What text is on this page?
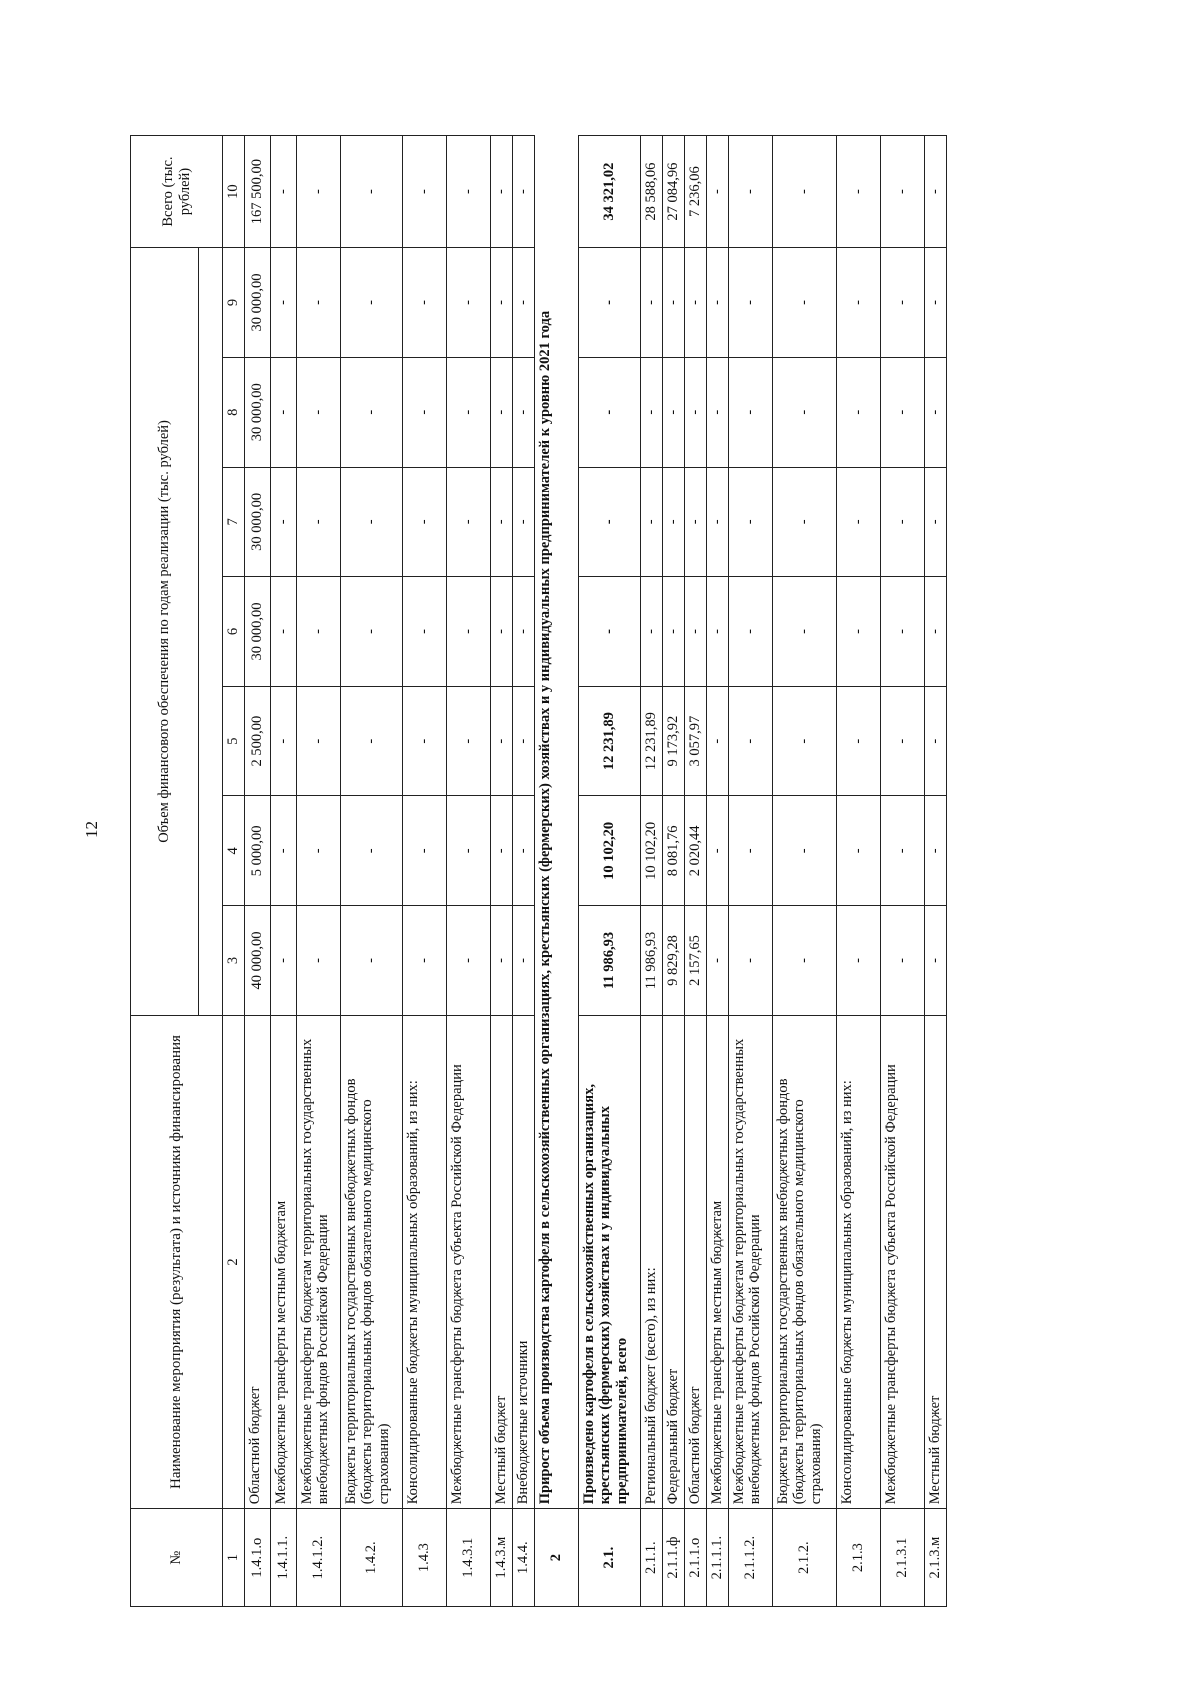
12
№	Наименование мероприятия (результата) и источники финансирования	Объем финансового обеспечения по годам реализации (тыс. рублей)							Всего (тыс. рублей)

1	2	3	4	5	6	7	8	9	10
1.4.1.о	Областной бюджет	40 000,00	5 000,00	2 500,00	30 000,00	30 000,00	30 000,00	30 000,00	167 500,00
1.4.1.1.	Межбюджетные трансферты местным бюджетам	-	-	-	-	-	-	-	-
1.4.1.2.	Межбюджетные трансферты бюджетам территориальных государственных внебюджетных фондов Российской Федерации	-	-	-	-	-	-	-	-
1.4.2.	Бюджеты территориальных государственных внебюджетных фондов (бюджеты территориальных фондов обязательного медицинского страхования)	-	-	-	-	-	-	-	-
1.4.3	Консолидированные бюджеты муниципальных образований, из них:	-	-	-	-	-	-	-	-
1.4.3.1	Межбюджетные трансферты бюджета субъекта Российской Федерации	-	-	-	-	-	-	-	-
1.4.3.м	Местный бюджет	-	-	-	-	-	-	-	-
1.4.4.	Внебюджетные источники	-	-	-	-	-	-	-	-
2	Прирост объема производства картофеля в сельскохозяйственных организациях, крестьянских (фермерских) хозяйствах и у индивидуальных предпринимателей к уровню 2021 года								
2.1.	Произведено картофеля в сельскохозяйственных организациях, крестьянских (фермерских) хозяйствах и у индивидуальных предпринимателей, всего	11 986,93	10 102,20	12 231,89	-	-	-	-	34 321,02
2.1.1.	Региональный бюджет (всего), из них:	11 986,93	10 102,20	12 231,89	-	-	-	-	28 588,06
2.1.1.ф	Федеральный бюджет	9 829,28	8 081,76	9 173,92	-	-	-	-	27 084,96
2.1.1.о	Областной бюджет	2 157,65	2 020,44	3 057,97	-	-	-	-	7 236,06
2.1.1.1.	Межбюджетные трансферты местным бюджетам	-	-	-	-	-	-	-	-
2.1.1.2.	Межбюджетные трансферты бюджетам территориальных государственных внебюджетных фондов Российской Федерации	-	-	-	-	-	-	-	-
2.1.2.	Бюджеты территориальных государственных внебюджетных фондов (бюджеты территориальных фондов обязательного медицинского страхования)	-	-	-	-	-	-	-	-
2.1.3	Консолидированные бюджеты муниципальных образований, из них:	-	-	-	-	-	-	-	-
2.1.3.1	Межбюджетные трансферты бюджета субъекта Российской Федерации	-	-	-	-	-	-	-	-
2.1.3.м	Местный бюджет	-	-	-	-	-	-	-	-
